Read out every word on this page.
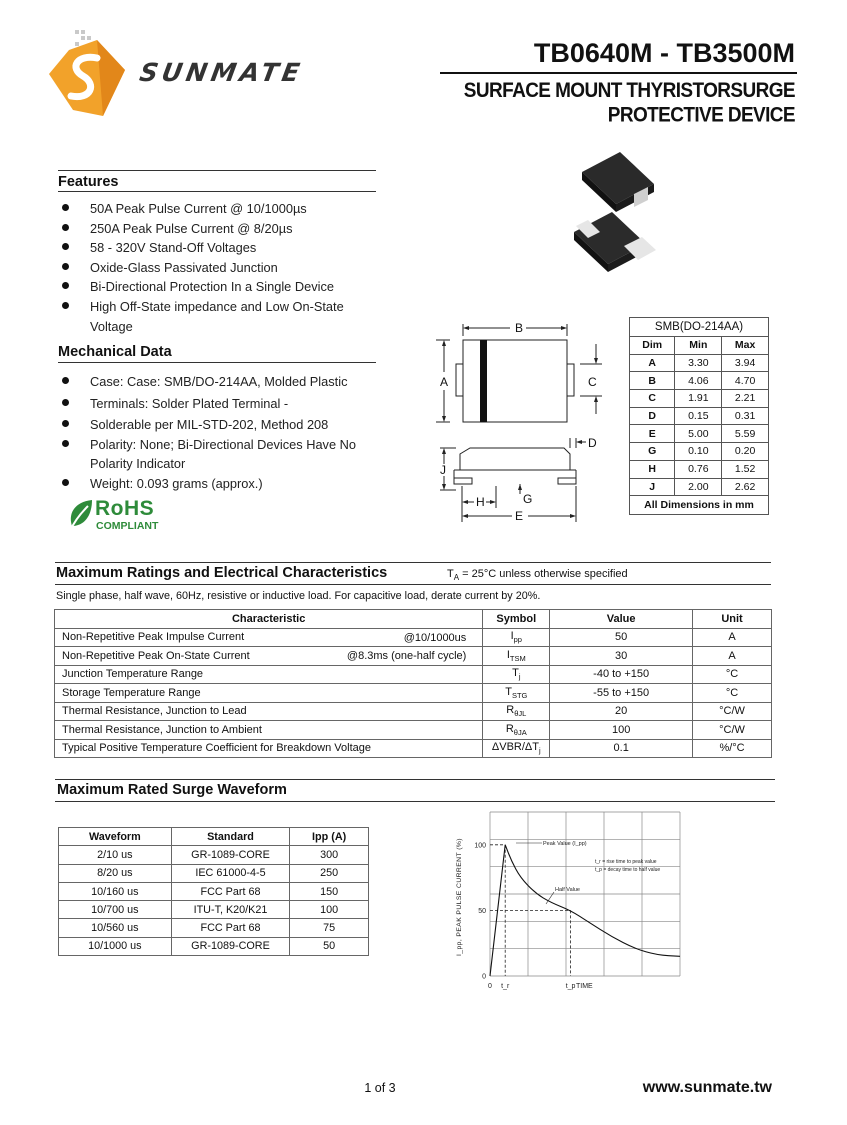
SUNMATE
TB0640M - TB3500M
SURFACE MOUNT THYRISTORSURGE PROTECTIVE DEVICE
Features
50A Peak Pulse Current @ 10/1000µs
250A Peak Pulse Current @ 8/20µs
58 - 320V Stand-Off Voltages
Oxide-Glass Passivated Junction
Bi-Directional Protection In a Single Device
High Off-State impedance and Low On-State
Voltage
Mechanical Data
Case: Case: SMB/DO-214AA, Molded Plastic
Terminals: Solder Plated Terminal -
Solderable per MIL-STD-202, Method 208
Polarity: None; Bi-Directional Devices Have No
Polarity Indicator
Weight: 0.093 grams (approx.)
RoHS
COMPLIANT
B
A	C
D
J
H	G
E
SMB(DO-214AA)		
Dim	Min	Max
A	3.30	3.94
B	4.06	4.70
C	1.91	2.21
D	0.15	0.31
E	5.00	5.59
G	0.10	0.20
H	0.76	1.52
J	2.00	2.62
All Dimensions in mm		
Maximum Ratings and Electrical Characteristics	$T_A = 25^\circ C$ unless otherwise specified
Single phase, half wave, 60Hz, resistive or inductive load. For capacitive load, derate current by 20%.
Characteristic	Symbol	Value	Unit
Non-Repetitive Peak Impulse Current @10/1000us	$I_{pp}$	50	A
Non-Repetitive Peak On-State Current @8.3ms (one-half cycle)	$I_{TSM}$	30	A
Junction Temperature Range	$T_j$	-40 to +150	°C
Storage Temperature Range	$T_{STG}$	-55 to +150	°C
Thermal Resistance, Junction to Lead	$R_{\theta JL}$	20	°C/W
Thermal Resistance, Junction to Ambient	$R_{\theta JA}$	100	°C/W
Typical Positive Temperature Coefficient for Breakdown Voltage	ΔVBR/$\Delta T_j$	0.1	%/°C
Maximum Rated Surge Waveform
Waveform	Standard	Ipp (A)
2/10 us	GR-1089-CORE	300
8/20 us	IEC 61000-4-5	250
10/160 us	FCC Part 68	150
10/700 us	ITU-T, K20/K21	100
10/560 us	FCC Part 68	75
10/1000 us	GR-1089-CORE	50	I_pp, PEAK PULSE CURRENT (%) 100
50
0
0 t_r	t_p TIME
Peak Value (I_pp)
Half Value
t_r = rise time to peak value
t_p = decay time to half value
1 of 3	www.sunmate.tw
